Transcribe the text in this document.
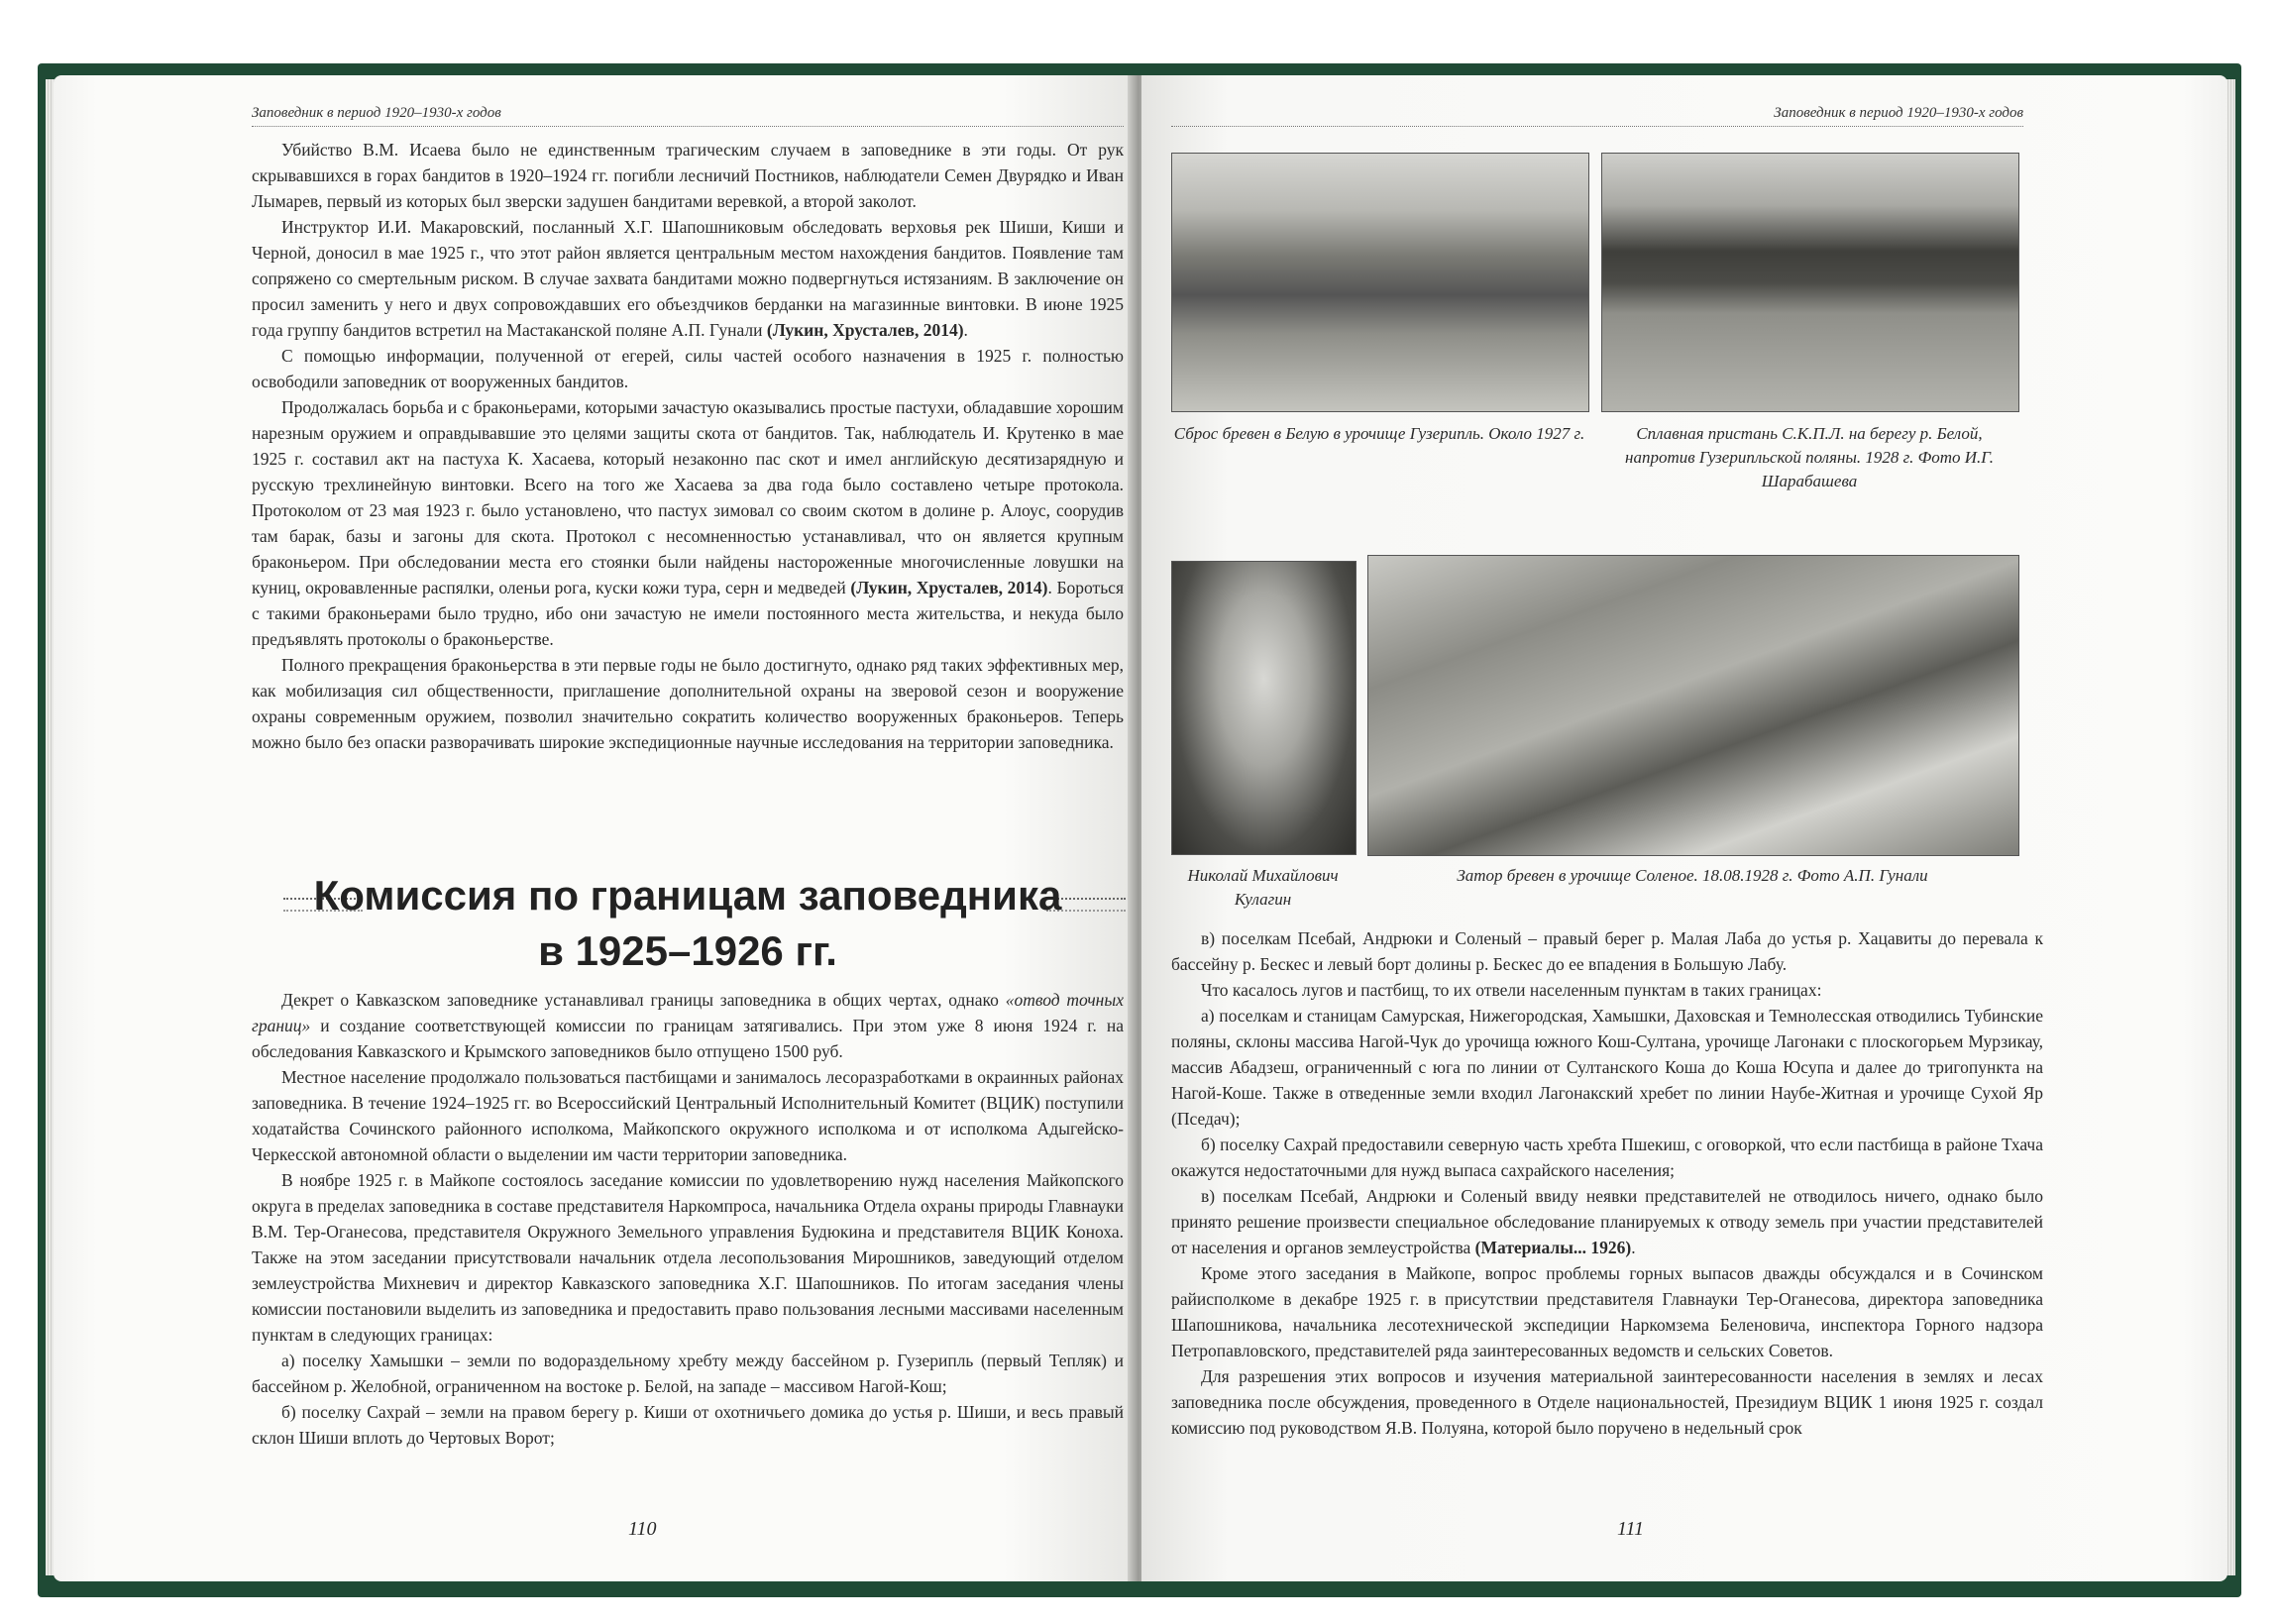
Заповедник в период 1920–1930-х годов

Убийство В.М. Исаева было не единственным трагическим случаем в заповеднике в эти годы. От рук скрывавшихся в горах бандитов в 1920–1924 гг. погибли лесничий Постников, наблюдатели Семен Двурядко и Иван Лымарев, первый из которых был зверски задушен бандитами веревкой, а второй заколот.

Инструктор И.И. Макаровский, посланный Х.Г. Шапошниковым обследовать верховья рек Шиши, Киши и Черной, доносил в мае 1925 г., что этот район является центральным местом нахождения бандитов. Появление там сопряжено со смертельным риском. В случае захвата бандитами можно подвергнуться истязаниям. В заключение он просил заменить у него и двух сопровождавших его объездчиков берданки на магазинные винтовки. В июне 1925 года группу бандитов встретил на Мастаканской поляне А.П. Гунали (Лукин, Хрусталев, 2014).

С помощью информации, полученной от егерей, силы частей особого назначения в 1925 г. полностью освободили заповедник от вооруженных бандитов.

Продолжалась борьба и с браконьерами, которыми зачастую оказывались простые пастухи, обладавшие хорошим нарезным оружием и оправдывавшие это целями защиты скота от бандитов. Так, наблюдатель И. Крутенко в мае 1925 г. составил акт на пастуха К. Хасаева, который незаконно пас скот и имел английскую десятизарядную и русскую трехлинейную винтовки. Всего на того же Хасаева за два года было составлено четыре протокола. Протоколом от 23 мая 1923 г. было установлено, что пастух зимовал со своим скотом в долине р. Алоус, соорудив там барак, базы и загоны для скота. Протокол с несомненностью устанавливал, что он является крупным браконьером. При обследовании места его стоянки были найдены настороженные многочисленные ловушки на куниц, окровавленные распялки, оленьи рога, куски кожи тура, серн и медведей (Лукин, Хрусталев, 2014). Бороться с такими браконьерами было трудно, ибо они зачастую не имели постоянного места жительства, и некуда было предъявлять протоколы о браконьерстве.

Полного прекращения браконьерства в эти первые годы не было достигнуто, однако ряд таких эффективных мер, как мобилизация сил общественности, приглашение дополнительной охраны на зверовой сезон и вооружение охраны современным оружием, позволил значительно сократить количество вооруженных браконьеров. Теперь можно было без опаски разворачивать широкие экспедиционные научные исследования на территории заповедника.

Комиссия по границам заповедника
в 1925–1926 гг.

Декрет о Кавказском заповеднике устанавливал границы заповедника в общих чертах, однако «отвод точных границ» и создание соответствующей комиссии по границам затягивались. При этом уже 8 июня 1924 г. на обследования Кавказского и Крымского заповедников было отпущено 1500 руб.

Местное население продолжало пользоваться пастбищами и занималось лесоразработками в окраинных районах заповедника. В течение 1924–1925 гг. во Всероссийский Центральный Исполнительный Комитет (ВЦИК) поступили ходатайства Сочинского районного исполкома, Майкопского окружного исполкома и от исполкома Адыгейско-Черкесской автономной области о выделении им части территории заповедника.

В ноябре 1925 г. в Майкопе состоялось заседание комиссии по удовлетворению нужд населения Майкопского округа в пределах заповедника в составе представителя Наркомпроса, начальника Отдела охраны природы Главнауки В.М. Тер-Оганесова, представителя Окружного Земельного управления Будюкина и представителя ВЦИК Коноха. Также на этом заседании присутствовали начальник отдела лесопользования Мирошников, заведующий отделом землеустройства Михневич и директор Кавказского заповедника Х.Г. Шапошников. По итогам заседания члены комиссии постановили выделить из заповедника и предоставить право пользования лесными массивами населенным пунктам в следующих границах:

а) поселку Хамышки – земли по водораздельному хребту между бассейном р. Гузерипль (первый Тепляк) и бассейном р. Желобной, ограниченном на востоке р. Белой, на западе – массивом Нагой-Кош;

б) поселку Сахрай – земли на правом берегу р. Киши от охотничьего домика до устья р. Шиши, и весь правый склон Шиши вплоть до Чертовых Ворот;

110
Заповедник в период 1920–1930-х годов
Сброс бревен в Белую в урочище Гузерипль. Около 1927 г.	Сплавная пристань С.К.П.Л. на берегу р. Белой, напротив Гузерипльской поляны. 1928 г. Фото И.Г. Шарабашева
Николай Михайлович Кулагин
Затор бревен в урочище Соленое. 18.08.1928 г. Фото А.П. Гунали

в) поселкам Псебай, Андрюки и Соленый – правый берег р. Малая Лаба до устья р. Хацавиты до перевала к бассейну р. Бескес и левый борт долины р. Бескес до ее впадения в Большую Лабу.

Что касалось лугов и пастбищ, то их отвели населенным пунктам в таких границах:

а) поселкам и станицам Самурская, Нижегородская, Хамышки, Даховская и Темнолесская отводились Тубинские поляны, склоны массива Нагой-Чук до урочища южного Кош-Султана, урочище Лагонаки с плоскогорьем Мурзикау, массив Абадзеш, ограниченный с юга по линии от Султанского Коша до Коша Юсупа и далее до тригопункта на Нагой-Коше. Также в отведенные земли входил Лагонакский хребет по линии Наубе-Житная и урочище Сухой Яр (Пседач);

б) поселку Сахрай предоставили северную часть хребта Пшекиш, с оговоркой, что если пастбища в районе Тхача окажутся недостаточными для нужд выпаса сахрайского населения;

в) поселкам Псебай, Андрюки и Соленый ввиду неявки представителей не отводилось ничего, однако было принято решение произвести специальное обследование планируемых к отводу земель при участии представителей от населения и органов землеустройства (Материалы... 1926).

Кроме этого заседания в Майкопе, вопрос проблемы горных выпасов дважды обсуждался и в Сочинском райисполкоме в декабре 1925 г. в присутствии представителя Главнауки Тер-Оганесова, директора заповедника Шапошникова, начальника лесотехнической экспедиции Наркомзема Беленовича, инспектора Горного надзора Петропавловского, представителей ряда заинтересованных ведомств и сельских Советов.

Для разрешения этих вопросов и изучения материальной заинтересованности населения в землях и лесах заповедника после обсуждения, проведенного в Отделе национальностей, Президиум ВЦИК 1 июня 1925 г. создал комиссию под руководством Я.В. Полуяна, которой было поручено в недельный срок

111
